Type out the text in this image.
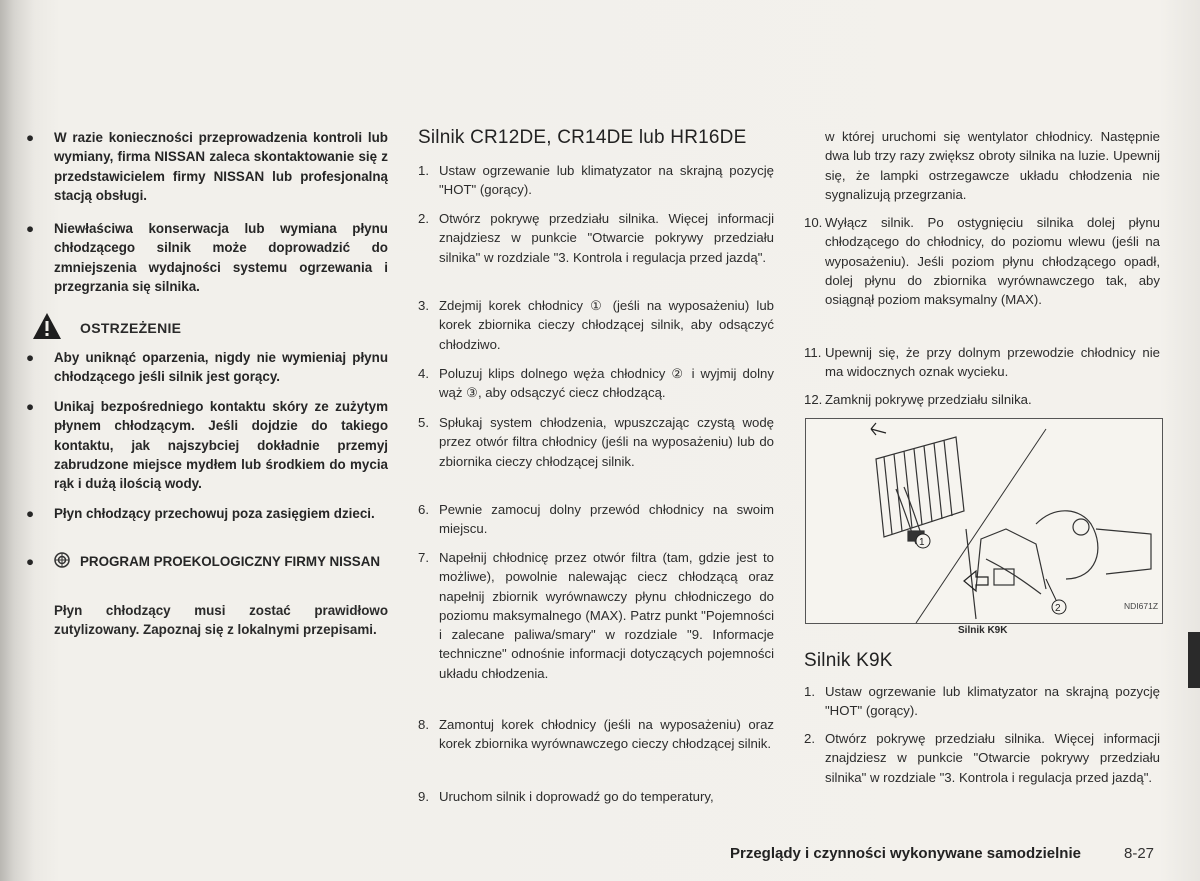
●	W razie konieczności przeprowadzenia kontroli lub wymiany, firma NISSAN zaleca skontaktowanie się z przedstawicielem firmy NISSAN lub profesjonalną stacją obsługi.
●	Niewłaściwa konserwacja lub wymiana płynu chłodzącego silnik może doprowadzić do zmniejszenia wydajności systemu ogrzewania i przegrzania się silnika.
OSTRZEŻENIE
●	Aby uniknąć oparzenia, nigdy nie wymieniaj płynu chłodzącego jeśli silnik jest gorący.
●	Unikaj bezpośredniego kontaktu skóry ze zużytym płynem chłodzącym. Jeśli dojdzie do takiego kontaktu, jak najszybciej dokładnie przemyj zabrudzone miejsce mydłem lub środkiem do mycia rąk i dużą ilością wody.
●	Płyn chłodzący przechowuj poza zasięgiem dzieci.
●	PROGRAM PROEKOLOGICZNY FIRMY NISSAN
Płyn chłodzący musi zostać prawidłowo zutylizowany. Zapoznaj się z lokalnymi przepisami.
Silnik CR12DE, CR14DE lub HR16DE
1. Ustaw ogrzewanie lub klimatyzator na skrajną pozycję "HOT" (gorący).
2. Otwórz pokrywę przedziału silnika. Więcej informacji znajdziesz w punkcie "Otwarcie pokrywy przedziału silnika" w rozdziale "3. Kontrola i regulacja przed jazdą".
3. Zdejmij korek chłodnicy ① (jeśli na wyposażeniu) lub korek zbiornika cieczy chłodzącej silnik, aby odsączyć chłodziwo.
4. Poluzuj klips dolnego węża chłodnicy ② i wyjmij dolny wąż ③, aby odsączyć ciecz chłodzącą.
5. Spłukaj system chłodzenia, wpuszczając czystą wodę przez otwór filtra chłodnicy (jeśli na wyposażeniu) lub do zbiornika cieczy chłodzącej silnik.
6. Pewnie zamocuj dolny przewód chłodnicy na swoim miejscu.
7. Napełnij chłodnicę przez otwór filtra (tam, gdzie jest to możliwe), powolnie nalewając ciecz chłodzącą oraz napełnij zbiornik wyrównawczy płynu chłodniczego do poziomu maksymalnego (MAX). Patrz punkt "Pojemności i zalecane paliwa/smary" w rozdziale "9. Informacje techniczne" odnośnie informacji dotyczących pojemności układu chłodzenia.
8. Zamontuj korek chłodnicy (jeśli na wyposażeniu) oraz korek zbiornika wyrównawczego cieczy chłodzącej silnik.
9. Uruchom silnik i doprowadź go do temperatury,
w której uruchomi się wentylator chłodnicy. Następnie dwa lub trzy razy zwiększ obroty silnika na luzie. Upewnij się, że lampki ostrzegawcze układu chłodzenia nie sygnalizują przegrzania.
10. Wyłącz silnik. Po ostygnięciu silnika dolej płynu chłodzącego do chłodnicy, do poziomu wlewu (jeśli na wyposażeniu). Jeśli poziom płynu chłodzącego opadł, dolej płynu do zbiornika wyrównawczego tak, aby osiągnął poziom maksymalny (MAX).
11. Upewnij się, że przy dolnym przewodzie chłodnicy nie ma widocznych oznak wycieku.
12. Zamknij pokrywę przedziału silnika.
1
2	NDI671Z
Silnik K9K
Silnik K9K
1. Ustaw ogrzewanie lub klimatyzator na skrajną pozycję "HOT" (gorący).
2. Otwórz pokrywę przedziału silnika. Więcej informacji znajdziesz w punkcie "Otwarcie pokrywy przedziału silnika" w rozdziale "3. Kontrola i regulacja przed jazdą".
Przeglądy i czynności wykonywane samodzielnie	8-27
